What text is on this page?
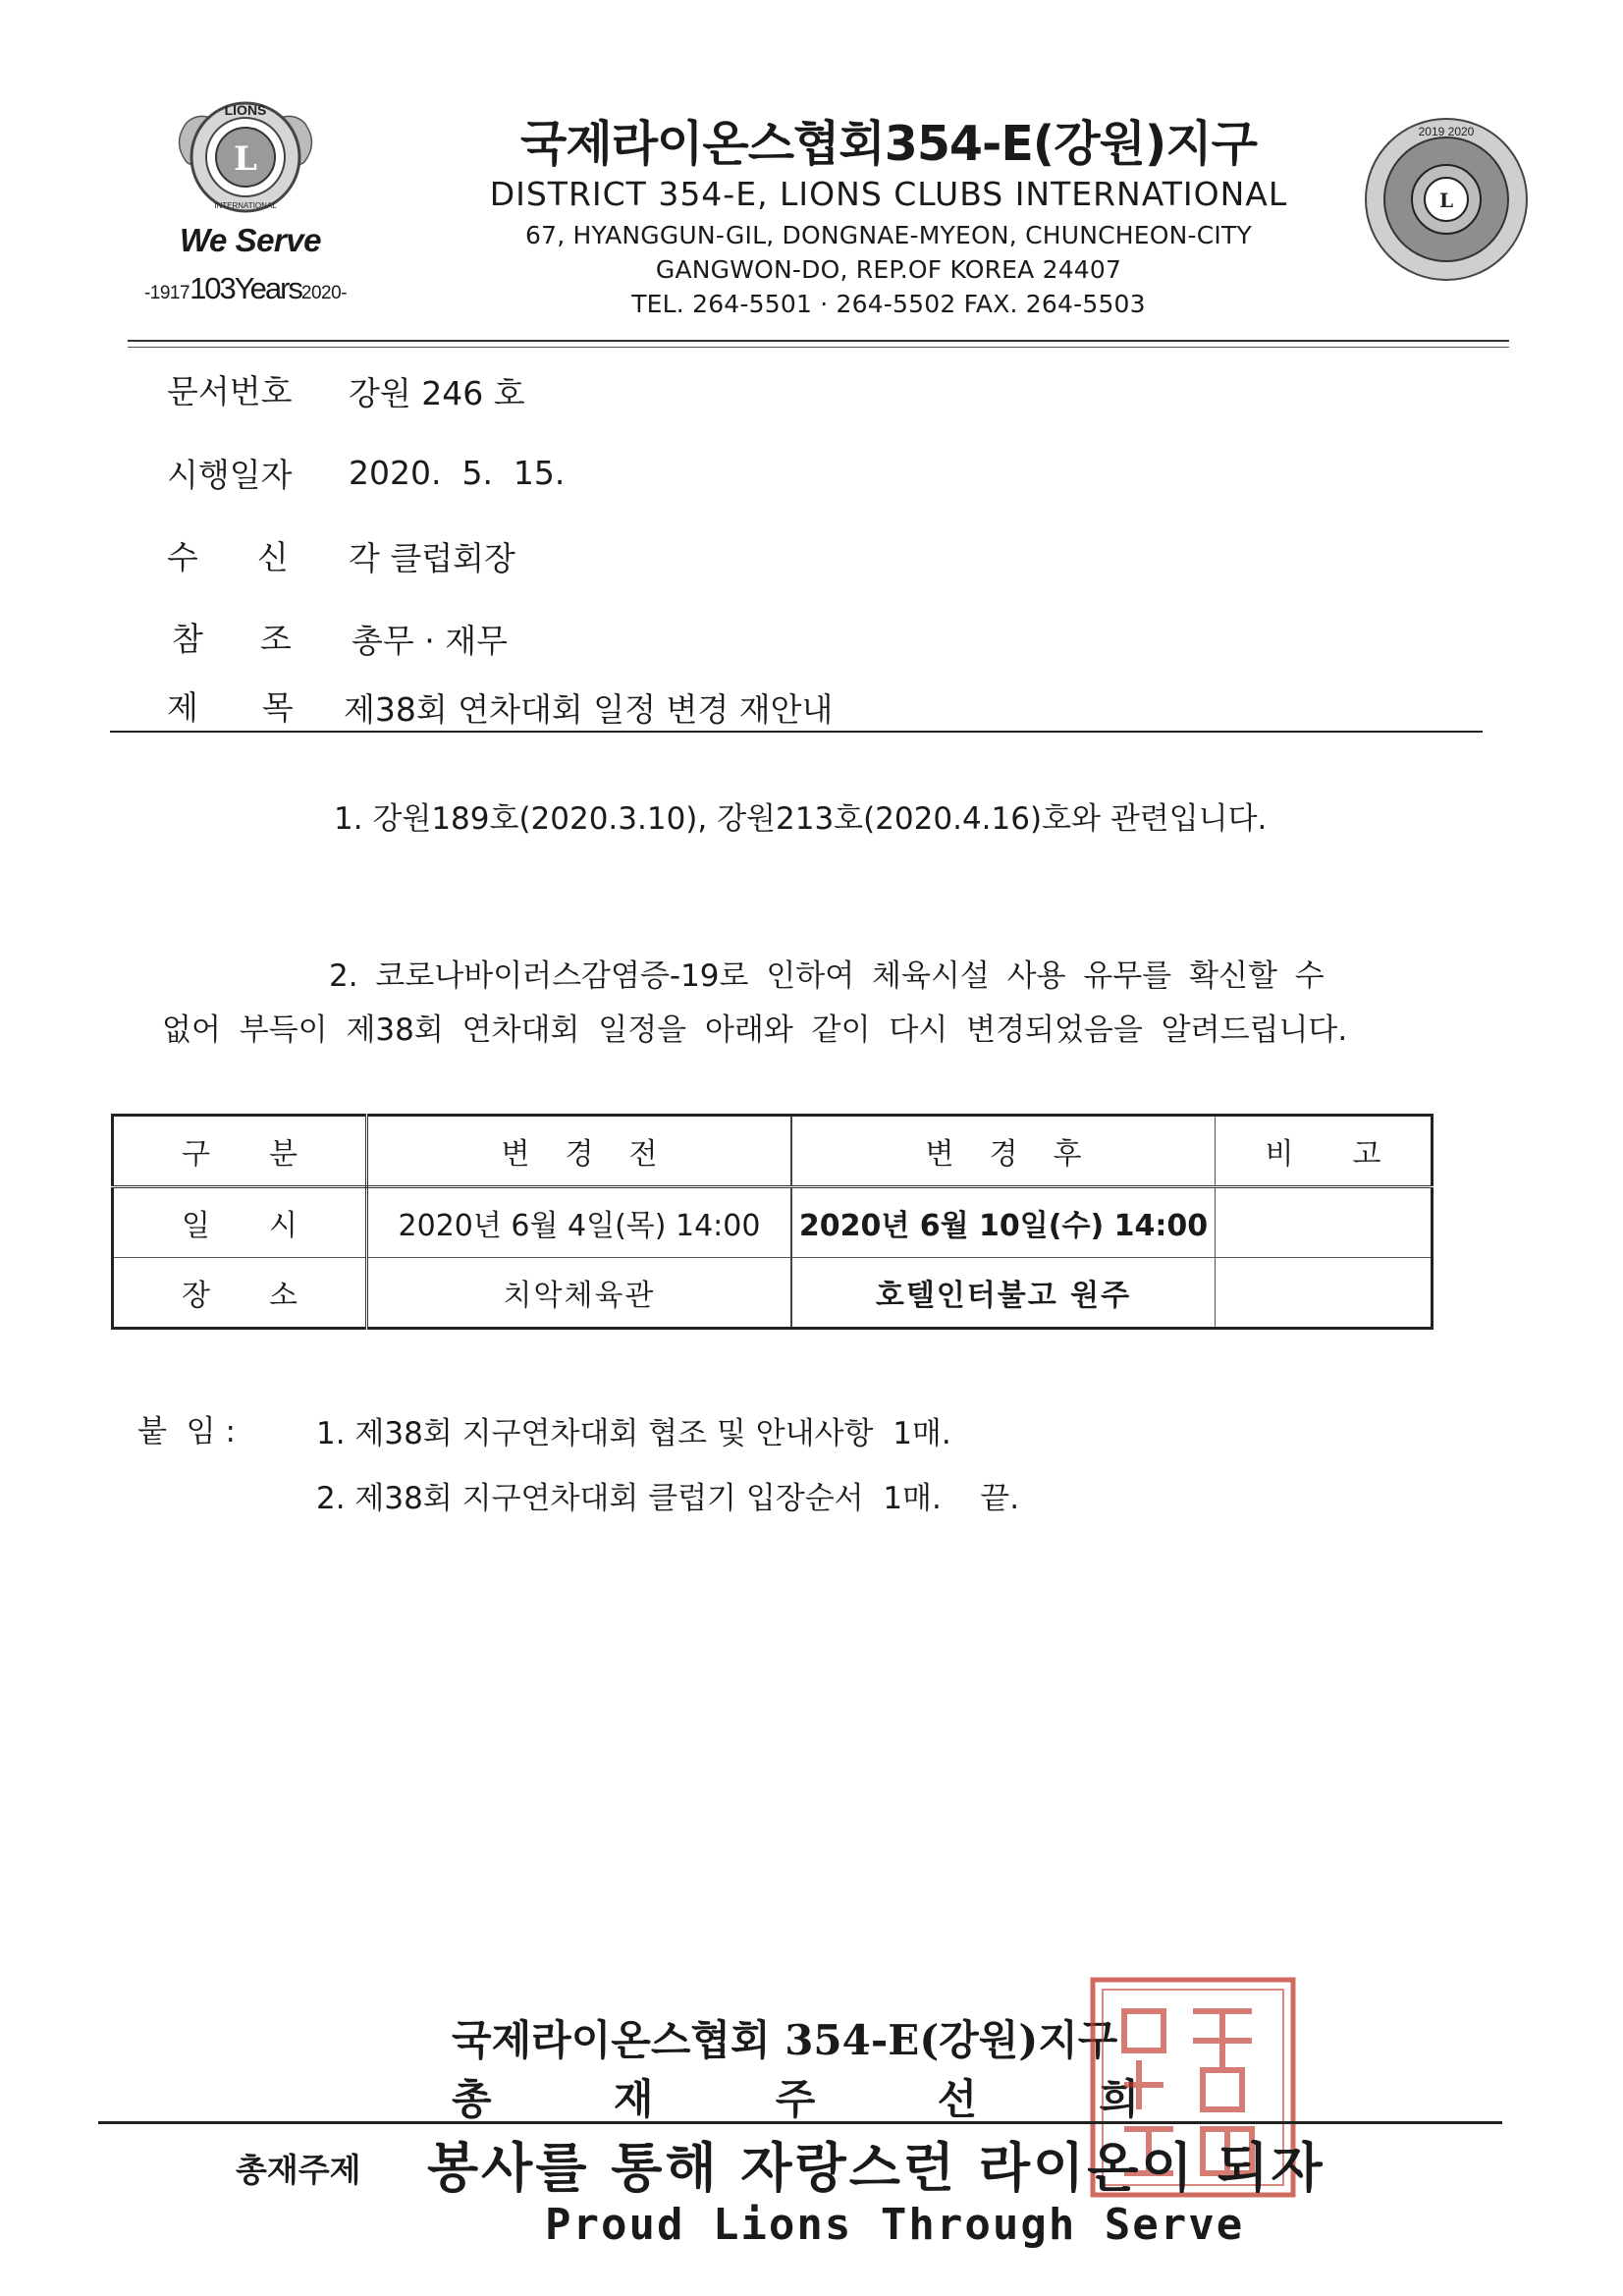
L
LIONS
INTERNATIONAL
We Serve
-1917103Years2020-
국제라이온스협회354-E(강원)지구
DISTRICT 354-E, LIONS CLUBS INTERNATIONAL
67, HYANGGUN-GIL, DONGNAE-MYEON, CHUNCHEON-CITY
GANGWON-DO, REP.OF KOREA 24407
TEL. 264-5501 · 264-5502 FAX. 264-5503
L
2019 2020
문서번호	강원 246 호
시행일자	2020.  5.  15.
수신 각 클럽회장
참조 총무 · 재무
제목
제38회 연차대회 일정 변경 재안내
1. 강원189호(2020.3.10), 강원213호(2020.4.16)호와 관련입니다.
2. 코로나바이러스감염증-19로 인하여 체육시설 사용 유무를 확신할 수
없어 부득이 제38회 연차대회 일정을 아래와 같이 다시 변경되었음을 알려드립니다.
구분	변경전	변경후	비고
일시	2020년 6월 4일(목) 14:00	2020년 6월 10일(수) 14:00	
장소	치악체육관	호텔인터불고 원주	
붙  임 :	1. 제38회 지구연차대회 협조 및 안내사항  1매.
2. 제38회 지구연차대회 클럽기 입장순서  1매.    끝.
국제라이온스협회 354-E(강원)지구
총	재	주	선	희
총재주제 봉사를 통해 자랑스런 라이온이 되자
Proud Lions Through Serve
